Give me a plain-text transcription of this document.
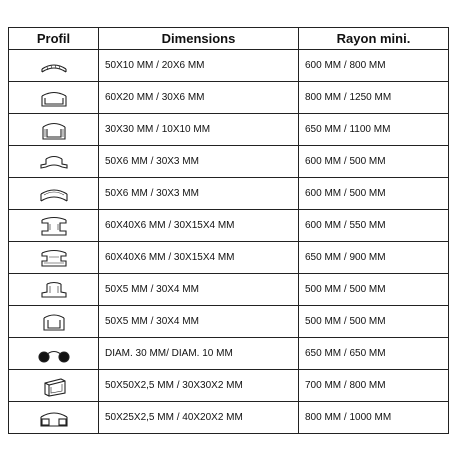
Profil	Dimensions	Rayon mini.

	50X10 MM / 20X6 MM	600 MM / 800 MM

	60X20 MM / 30X6 MM	800 MM / 1250 MM

	30X30 MM / 10X10 MM	650 MM / 1100 MM

	50X6 MM / 30X3 MM	600 MM / 500 MM

	50X6 MM / 30X3 MM	600 MM / 500 MM

	60X40X6 MM / 30X15X4 MM	600 MM / 550 MM

	60X40X6 MM / 30X15X4 MM	650 MM / 900 MM

	50X5 MM / 30X4 MM	500 MM / 500 MM

	50X5 MM / 30X4 MM	500 MM / 500 MM

	DIAM. 30 MM/ DIAM. 10 MM	650 MM / 650 MM

	50X50X2,5 MM / 30X30X2 MM	700 MM / 800 MM

	50X25X2,5 MM / 40X20X2 MM	800 MM / 1000 MM
